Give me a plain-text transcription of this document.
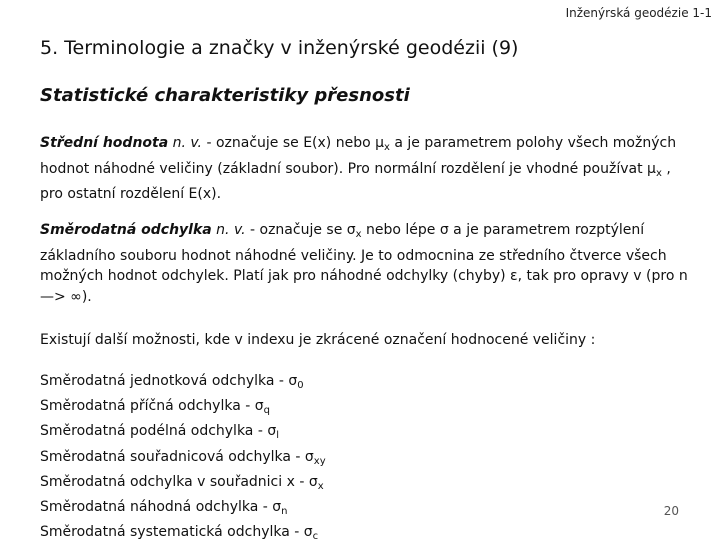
Inženýrská geodézie 1-1
5. Terminologie a značky v inženýrské geodézii (9)
Statistické charakteristiky přesnosti
Střední hodnota n. v. - označuje se E(x) nebo $\mu_x$ a je parametrem polohy všech možných hodnot náhodné veličiny (základní soubor). Pro normální rozdělení je vhodné používat $\mu_x$ , pro ostatní rozdělení E(x).
Směrodatná odchylka n. v. - označuje se $\sigma_x$ nebo lépe σ a je parametrem rozptýlení základního souboru hodnot náhodné veličiny. Je to odmocnina ze středního čtverce všech možných hodnot odchylek. Platí jak pro náhodné odchylky (chyby) ε, tak pro opravy v (pro n —> ∞).
Existují další možnosti, kde v indexu je zkrácené označení hodnocené veličiny :
Směrodatná jednotková odchylka - $\sigma_0$
Směrodatná příčná odchylka - $\sigma_q$
Směrodatná podélná odchylka - $\sigma_l$
Směrodatná souřadnicová odchylka - $\sigma_{xy}$
Směrodatná odchylka v souřadnici x - $\sigma_x$
Směrodatná náhodná odchylka - $\sigma_n$
Směrodatná systematická odchylka - $\sigma_c$
20
